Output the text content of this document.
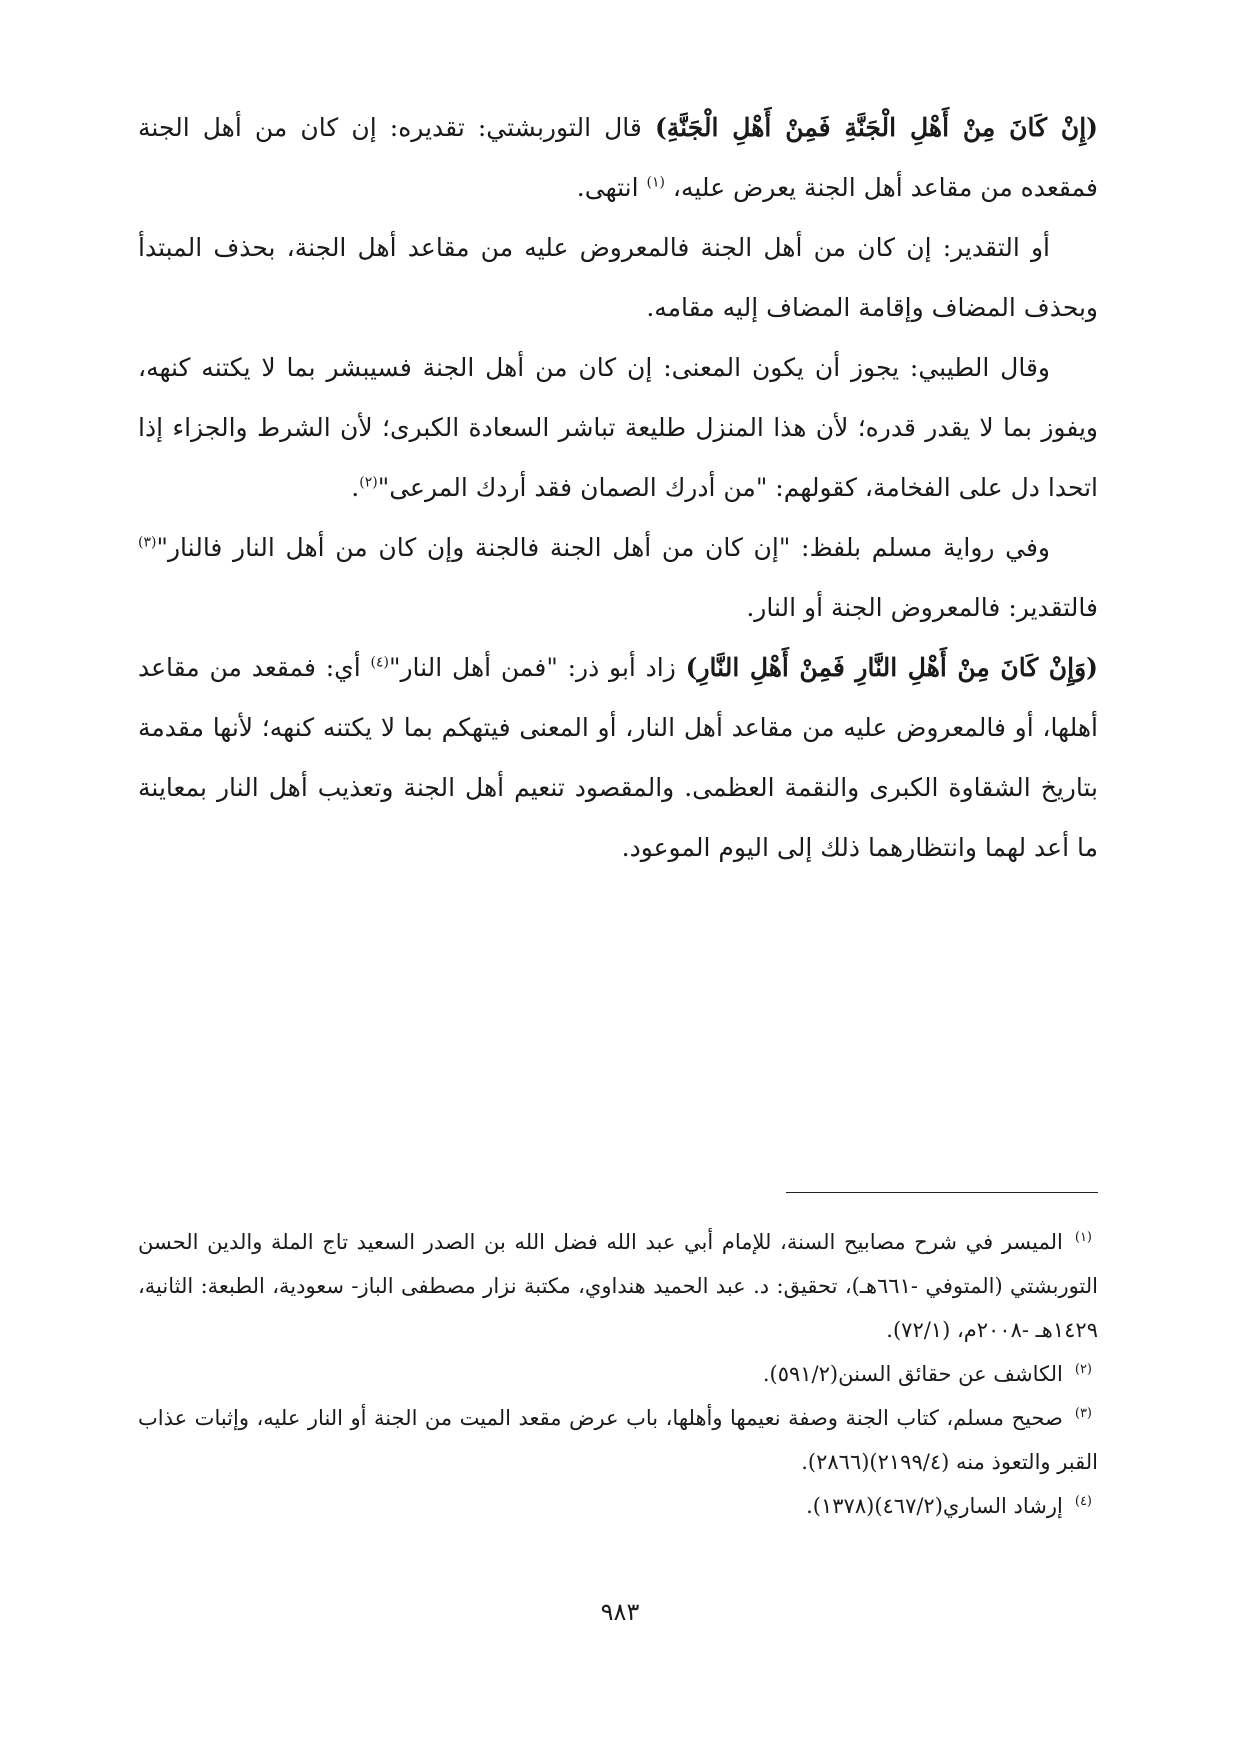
(إِنْ كَانَ مِنْ أَهْلِ الْجَنَّةِ فَمِنْ أَهْلِ الْجَنَّةِ) قال التوربشتي: تقديره: إن كان من أهل الجنة فمقعده من مقاعد أهل الجنة يعرض عليه، $^{(١)}$ انتهى.

أو التقدير: إن كان من أهل الجنة فالمعروض عليه من مقاعد أهل الجنة، بحذف المبتدأ وبحذف المضاف وإقامة المضاف إليه مقامه.

وقال الطيبي: يجوز أن يكون المعنى: إن كان من أهل الجنة فسيبشر بما لا يكتنه كنهه، ويفوز بما لا يقدر قدره؛ لأن هذا المنزل طليعة تباشر السعادة الكبرى؛ لأن الشرط والجزاء إذا اتحدا دل على الفخامة، كقولهم: "من أدرك الصمان فقد أردك المرعى"$^{(٢)}$.

وفي رواية مسلم بلفظ: "إن كان من أهل الجنة فالجنة وإن كان من أهل النار فالنار"$^{(٣)}$ فالتقدير: فالمعروض الجنة أو النار.

(وَإِنْ كَانَ مِنْ أَهْلِ النَّارِ فَمِنْ أَهْلِ النَّارِ) زاد أبو ذر: "فمن أهل النار"$^{(٤)}$ أي: فمقعد من مقاعد أهلها، أو فالمعروض عليه من مقاعد أهل النار، أو المعنى فيتهكم بما لا يكتنه كنهه؛ لأنها مقدمة بتاريخ الشقاوة الكبرى والنقمة العظمى. والمقصود تنعيم أهل الجنة وتعذيب أهل النار بمعاينة ما أعد لهما وانتظارهما ذلك إلى اليوم الموعود.

$^{(١)}$الميسر في شرح مصابيح السنة، للإمام أبي عبد الله فضل الله بن الصدر السعيد تاج الملة والدين الحسن التوربشتي (المتوفي -٦٦١هـ)، تحقيق: د. عبد الحميد هنداوي، مكتبة نزار مصطفى الباز- سعودية، الطبعة: الثانية، ١٤٢٩هـ -٢٠٠٨م، (٧٢/١).

$^{(٢)}$الكاشف عن حقائق السنن(٥٩١/٢).

$^{(٣)}$صحيح مسلم، كتاب الجنة وصفة نعيمها وأهلها، باب عرض مقعد الميت من الجنة أو النار عليه، وإثبات عذاب القبر والتعوذ منه (٢١٩٩/٤)(٢٨٦٦).

$^{(٤)}$إرشاد الساري(٤٦٧/٢)(١٣٧٨).

٩٨٣
